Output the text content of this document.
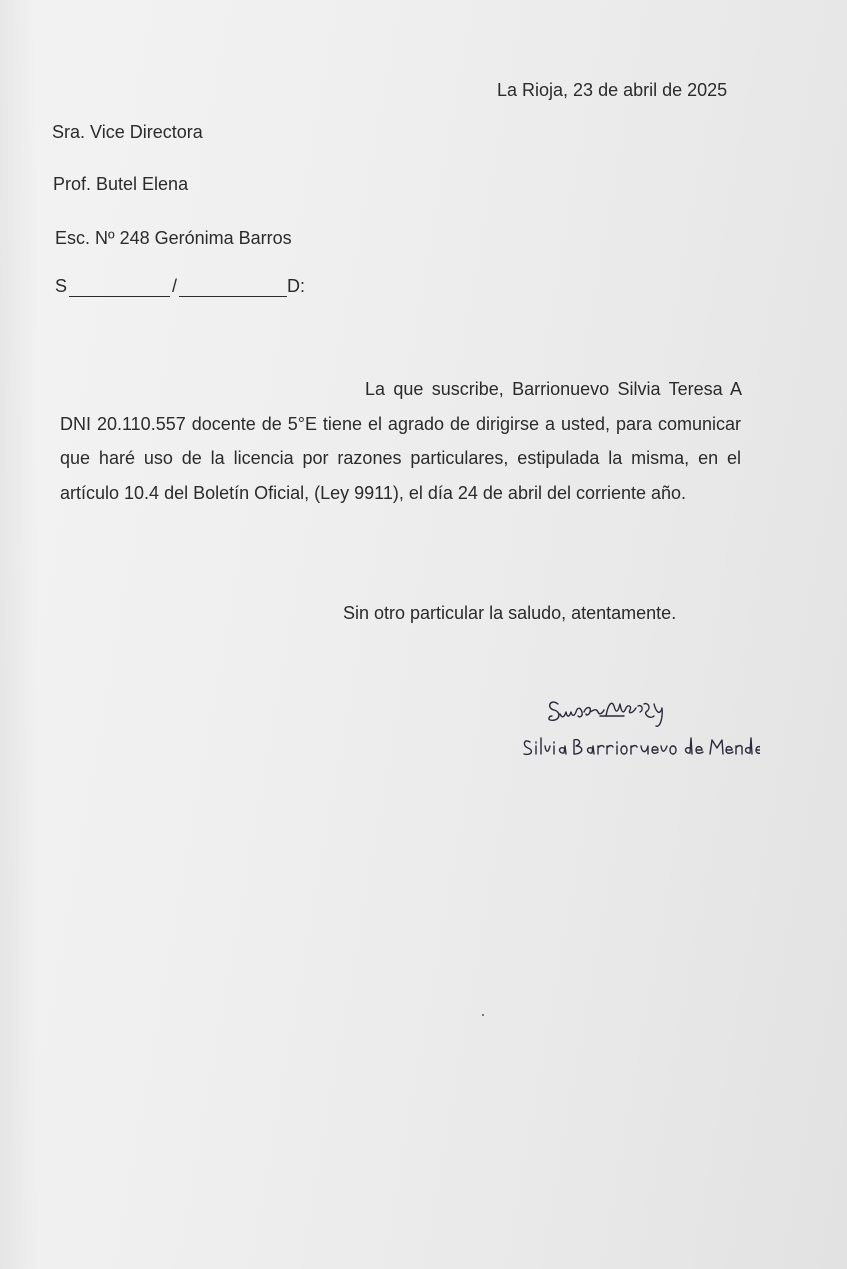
La Rioja, 23 de abril de 2025
Sra. Vice Directora
Prof. Butel Elena
Esc. Nº 248 Gerónima Barros
S	/	D:
La que suscribe, Barrionuevo Silvia Teresa A DNI 20.110.557 docente de 5°E tiene el agrado de dirigirse a usted, para comunicar que haré uso de la licencia por razones particulares, estipulada la misma, en el artículo 10.4 del Boletín Oficial, (Ley 9911), el día 24 de abril del corriente año.
Sin otro particular la saludo, atentamente.
